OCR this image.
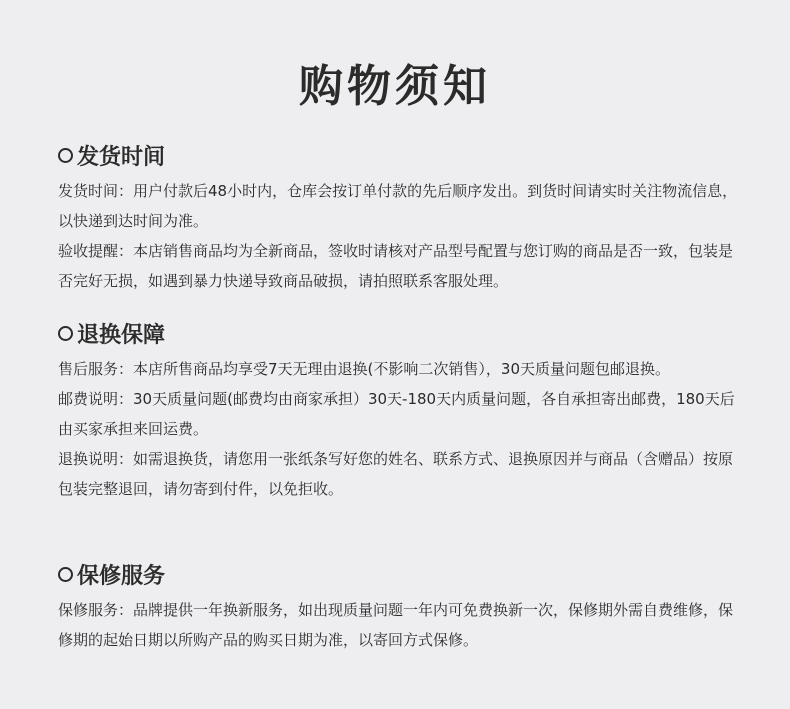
购物须知
发货时间

发货时间：用户付款后48小时内，仓库会按订单付款的先后顺序发出。到货时间请实时关注物流信息，以快递到达时间为准。

验收提醒：本店销售商品均为全新商品，签收时请核对产品型号配置与您订购的商品是否一致，包装是否完好无损，如遇到暴力快递导致商品破损，请拍照联系客服处理。

退换保障

售后服务：本店所售商品均享受7天无理由退换(不影响二次销售），30天质量问题包邮退换。

邮费说明：30天质量问题(邮费均由商家承担）30天-180天内质量问题，各自承担寄出邮费，180天后由买家承担来回运费。

退换说明：如需退换货，请您用一张纸条写好您的姓名、联系方式、退换原因并与商品（含赠品）按原包装完整退回，请勿寄到付件，以免拒收。

保修服务

保修服务：品牌提供一年换新服务，如出现质量问题一年内可免费换新一次，保修期外需自费维修，保修期的起始日期以所购产品的购买日期为准，以寄回方式保修。
